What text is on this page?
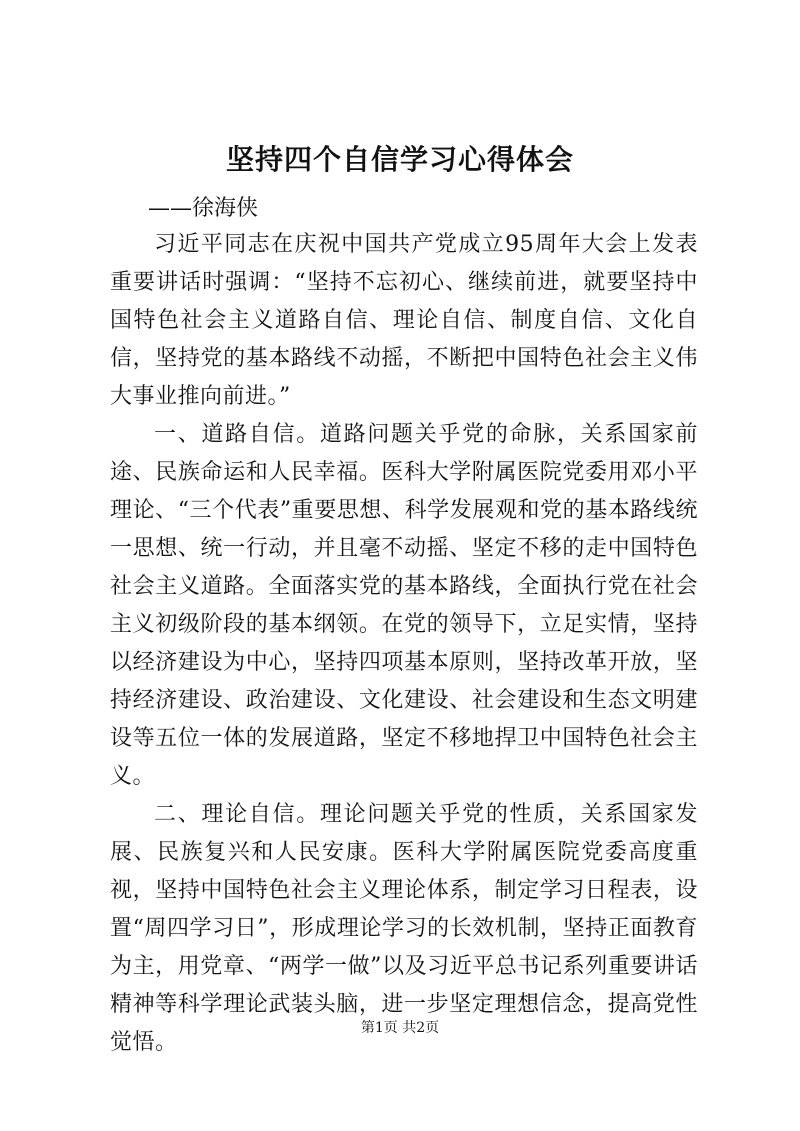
坚持四个自信学习心得体会
——徐海侠

习近平同志在庆祝中国共产党成立95周年大会上发表重要讲话时强调：“坚持不忘初心、继续前进，就要坚持中国特色社会主义道路自信、理论自信、制度自信、文化自信，坚持党的基本路线不动摇，不断把中国特色社会主义伟大事业推向前进。”

一、道路自信。道路问题关乎党的命脉，关系国家前途、民族命运和人民幸福。医科大学附属医院党委用邓小平理论、“三个代表”重要思想、科学发展观和党的基本路线统一思想、统一行动，并且毫不动摇、坚定不移的走中国特色社会主义道路。全面落实党的基本路线，全面执行党在社会主义初级阶段的基本纲领。在党的领导下，立足实情，坚持以经济建设为中心，坚持四项基本原则，坚持改革开放，坚持经济建设、政治建设、文化建设、社会建设和生态文明建设等五位一体的发展道路，坚定不移地捍卫中国特色社会主义。

二、理论自信。理论问题关乎党的性质，关系国家发展、民族复兴和人民安康。医科大学附属医院党委高度重视，坚持中国特色社会主义理论体系，制定学习日程表，设置“周四学习日”，形成理论学习的长效机制，坚持正面教育为主，用党章、“两学一做”以及习近平总书记系列重要讲话精神等科学理论武装头脑，进一步坚定理想信念，提高党性觉悟。

第1页 共2页
